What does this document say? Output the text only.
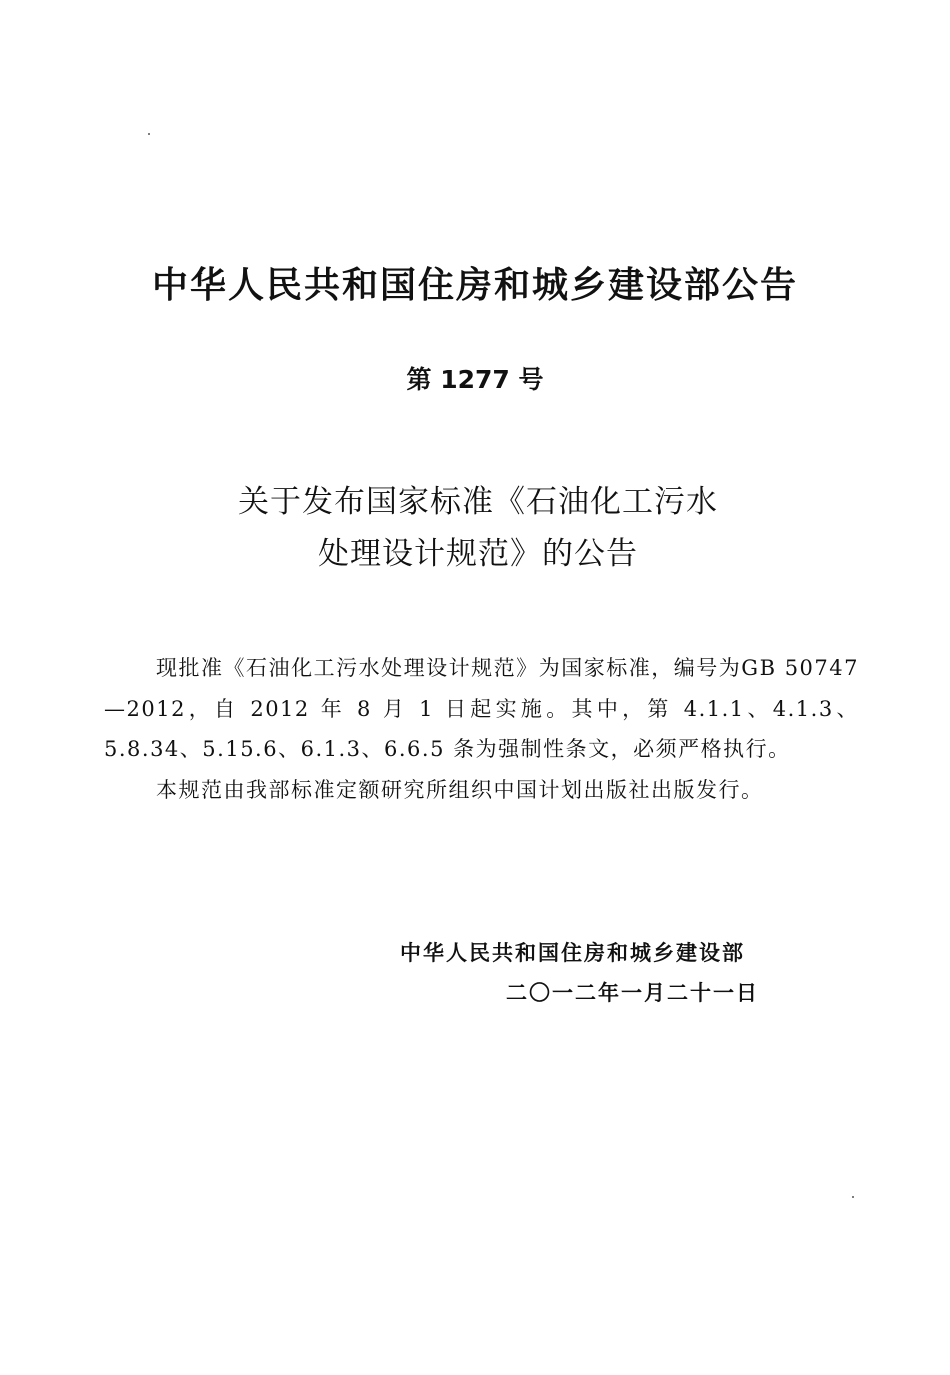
中华人民共和国住房和城乡建设部公告
第 1277 号
关于发布国家标准《石油化工污水
处理设计规范》的公告

现批准《石油化工污水处理设计规范》为国家标准，编号为GB 50747—2012，自 2012 年 8 月 1 日起实施。其中，第 4.1.1、4.1.3、5.8.34、5.15.6、6.1.3、6.6.5 条为强制性条文，必须严格执行。

本规范由我部标准定额研究所组织中国计划出版社出版发行。

中华人民共和国住房和城乡建设部
二〇一二年一月二十一日
